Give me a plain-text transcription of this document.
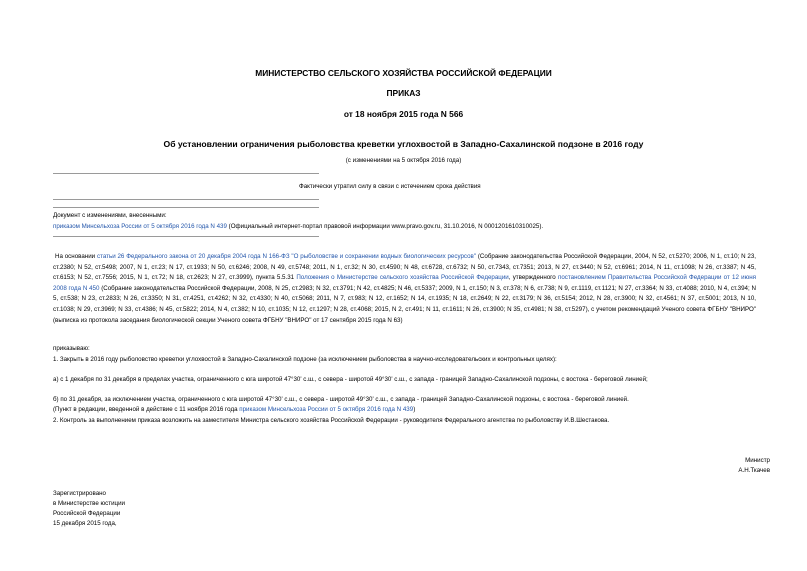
МИНИСТЕРСТВО СЕЛЬСКОГО ХОЗЯЙСТВА РОССИЙСКОЙ ФЕДЕРАЦИИ
ПРИКАЗ
от 18 ноября 2015 года N 566
Об установлении ограничения рыболовства креветки углохвостой в Западно-Сахалинской подзоне в 2016 году
(с изменениями на 5 октября 2016 года)
Фактически утратил силу в связи с истечением срока действия
Документ с изменениями, внесенными:
приказом Минсельхоза России от 5 октября 2016 года N 439 (Официальный интернет-портал правовой информации www.pravo.gov.ru, 31.10.2016, N 0001201610310025).
На основании статьи 26 Федерального закона от 20 декабря 2004 года N 166-ФЗ "О рыболовстве и сохранении водных биологических ресурсов" (Собрание законодательства Российской Федерации, 2004, N 52, ст.5270; 2006, N 1, ст.10; N 23, ст.2380; N 52, ст.5498; 2007, N 1, ст.23; N 17, ст.1933; N 50, ст.6246; 2008, N 49, ст.5748; 2011, N 1, ст.32; N 30, ст.4590; N 48, ст.6728, ст.6732; N 50, ст.7343, ст.7351; 2013, N 27, ст.3440; N 52, ст.6961; 2014, N 11, ст.1098; N 26, ст.3387; N 45, ст.6153; N 52, ст.7556; 2015, N 1, ст.72; N 18, ст.2623; N 27, ст.3999), пункта 5.5.31 Положения о Министерстве сельского хозяйства Российской Федерации, утвержденного постановлением Правительства Российской Федерации от 12 июня 2008 года N 450 (Собрание законодательства Российской Федерации, 2008, N 25, ст.2983; N 32, ст.3791; N 42, ст.4825; N 46, ст.5337; 2009, N 1, ст.150; N 3, ст.378; N 6, ст.738; N 9, ст.1119, ст.1121; N 27, ст.3364; N 33, ст.4088; 2010, N 4, ст.394; N 5, ст.538; N 23, ст.2833; N 26, ст.3350; N 31, ст.4251, ст.4262; N 32, ст.4330; N 40, ст.5068; 2011, N 7, ст.983; N 12, ст.1652; N 14, ст.1935; N 18, ст.2649; N 22, ст.3179; N 36, ст.5154; 2012, N 28, ст.3900; N 32, ст.4561; N 37, ст.5001; 2013, N 10, ст.1038; N 29, ст.3969; N 33, ст.4386; N 45, ст.5822; 2014, N 4, ст.382; N 10, ст.1035; N 12, ст.1297; N 28, ст.4068; 2015, N 2, ст.491; N 11, ст.1611; N 26, ст.3900; N 35, ст.4981; N 38, ст.5297), с учетом рекомендаций Ученого совета ФГБНУ "ВНИРО" (выписка из протокола заседания биологической секции Ученого совета ФГБНУ "ВНИРО" от 17 сентября 2015 года N 63)
приказываю:
1. Закрыть в 2016 году рыболовство креветки углохвостой в Западно-Сахалинской подзоне (за исключением рыболовства в научно-исследовательских и контрольных целях):
а) с 1 декабря по 31 декабря в пределах участка, ограниченного с юга широтой 47°30' с.ш., с севера - широтой 49°30' с.ш., с запада - границей Западно-Сахалинской подзоны, с востока - береговой линией;
б) по 31 декабря, за исключением участка, ограниченного с юга широтой 47°30' с.ш., с севера - широтой 49°30' с.ш., с запада - границей Западно-Сахалинской подзоны, с востока - береговой линией.
(Пункт в редакции, введенной в действие с 11 ноября 2016 года приказом Минсельхоза России от 5 октября 2016 года N 439)
2. Контроль за выполнением приказа возложить на заместителя Министра сельского хозяйства Российской Федерации - руководителя Федерального агентства по рыболовству И.В.Шестакова.
Министр
А.Н.Ткачев
Зарегистрировано
в Министерстве юстиции
Российской Федерации
15 декабря 2015 года,
